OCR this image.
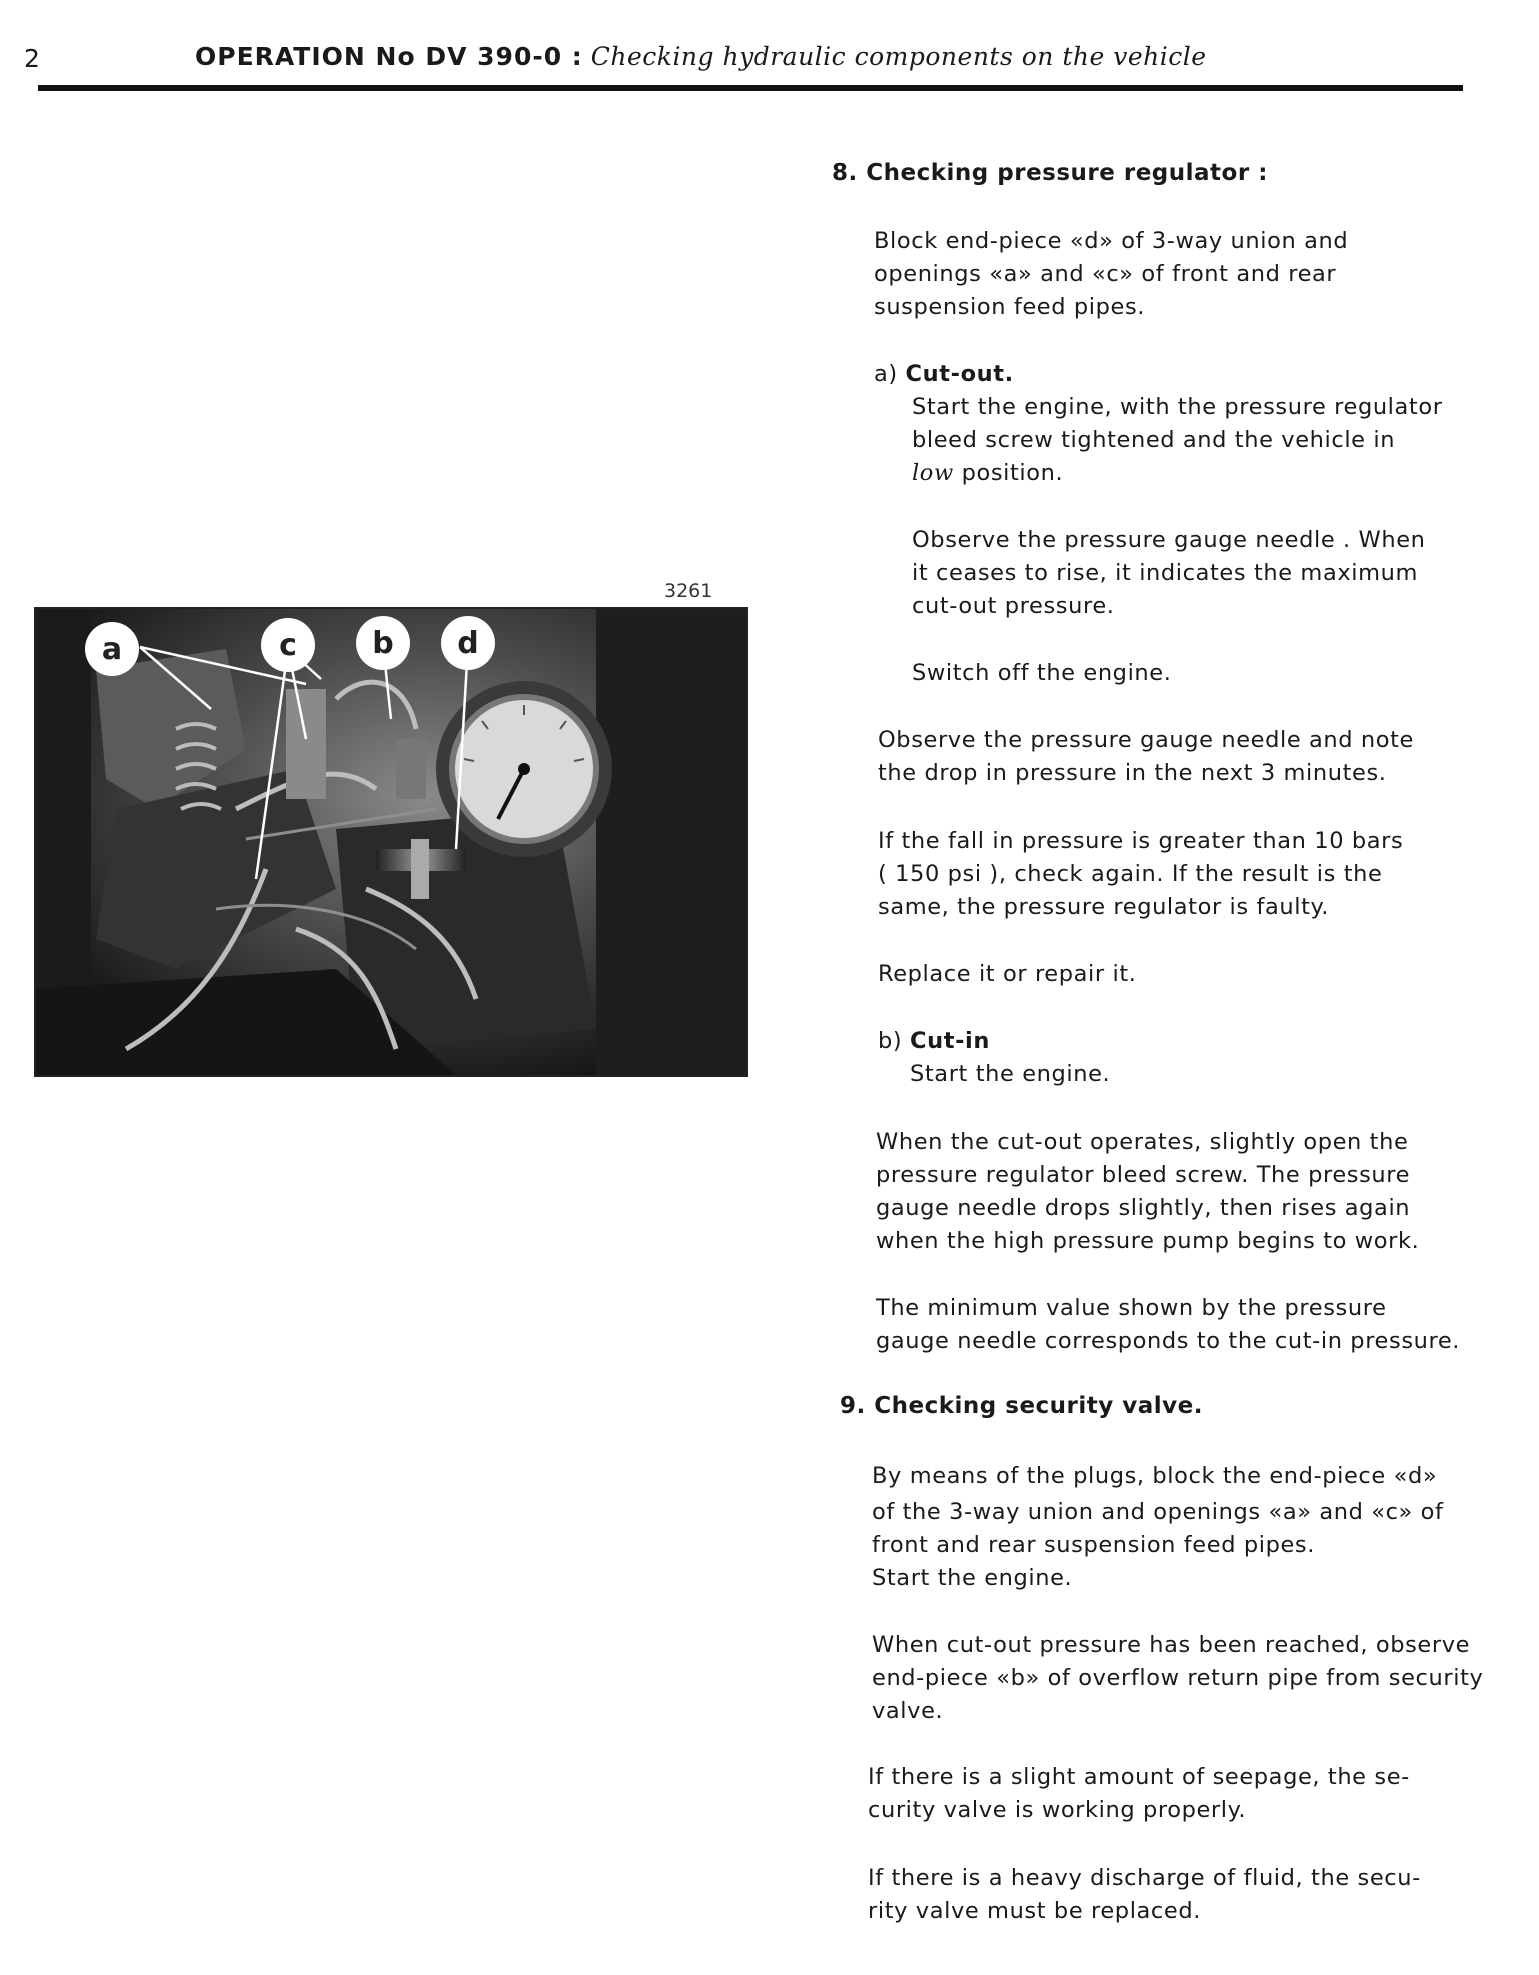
2	OPERATION No DV 390-0 : Checking hydraulic components on the vehicle
3261
a	c	b d
8. Checking pressure regulator :
Block end-piece «d» of 3-way union and
openings «a» and «c» of front and rear
suspension feed pipes.
a) Cut-out.
Start the engine, with the pressure regulator
bleed screw tightened and the vehicle in
low position.
Observe the pressure gauge needle . When
it ceases to rise, it indicates the maximum
cut-out pressure.
Switch off the engine.
Observe the pressure gauge needle and note
the drop in pressure in the next 3 minutes.
If the fall in pressure is greater than 10 bars
( 150 psi ), check again. If the result is the
same, the pressure regulator is faulty.
Replace it or repair it.
b) Cut-in
Start the engine.
When the cut-out operates, slightly open the
pressure regulator bleed screw. The pressure
gauge needle drops slightly, then rises again
when the high pressure pump begins to work.
The minimum value shown by the pressure
gauge needle corresponds to the cut-in pressure.
9. Checking security valve.
By means of the plugs, block the end-piece «d»
of the 3-way union and openings «a» and «c» of
front and rear suspension feed pipes.
Start the engine.
When cut-out pressure has been reached, observe
end-piece «b» of overflow return pipe from security
valve.
If there is a slight amount of seepage, the se-
curity valve is working properly.
If there is a heavy discharge of fluid, the secu-
rity valve must be replaced.
